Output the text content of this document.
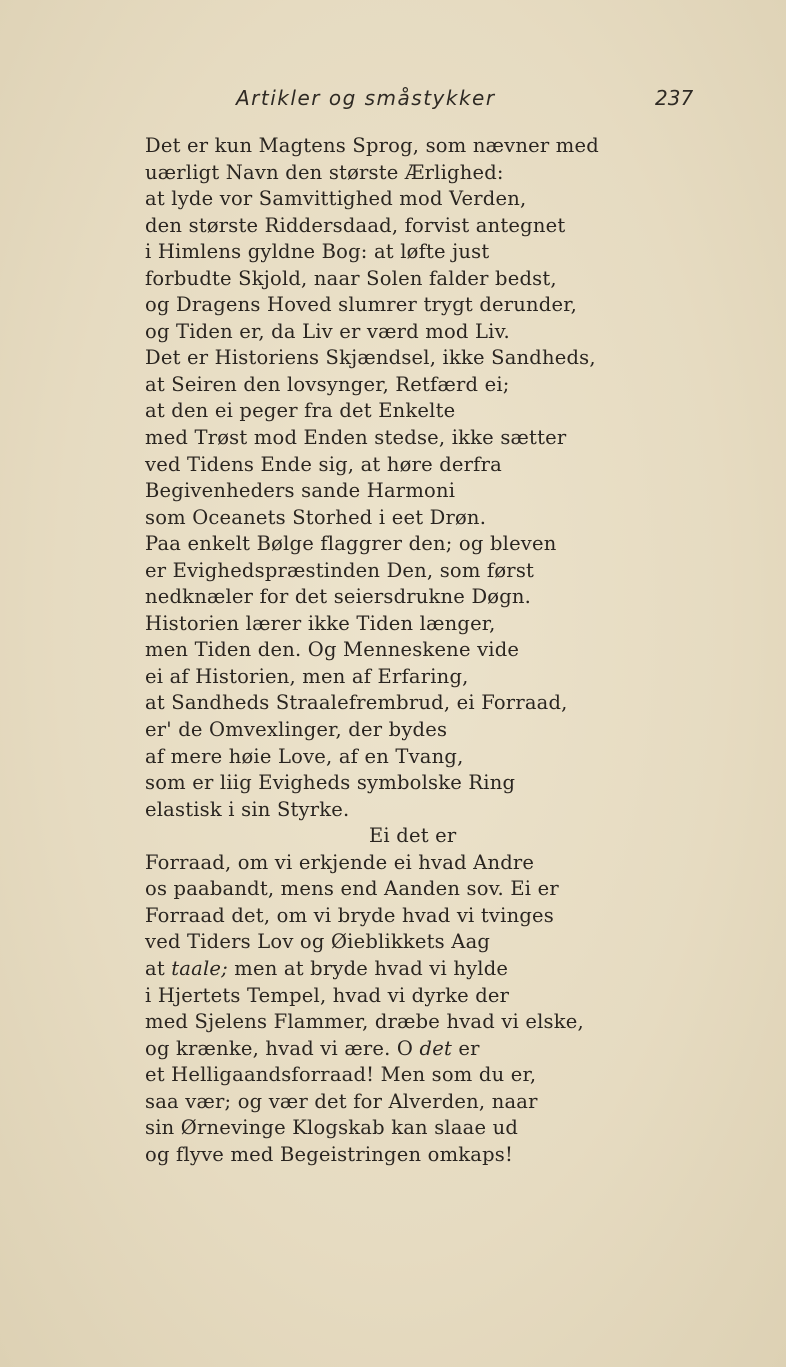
Artikler og småstykker	237
Det er kun Magtens Sprog, som nævner med
uærligt Navn den største Ærlighed:
at lyde vor Samvittighed mod Verden,
den største Riddersdaad, forvist antegnet
i Himlens gyldne Bog: at løfte just
forbudte Skjold, naar Solen falder bedst,
og Dragens Hoved slumrer trygt derunder,
og Tiden er, da Liv er værd mod Liv.
Det er Historiens Skjændsel, ikke Sandheds,
at Seiren den lovsynger, Retfærd ei;
at den ei peger fra det Enkelte
med Trøst mod Enden stedse, ikke sætter
ved Tidens Ende sig, at høre derfra
Begivenheders sande Harmoni
som Oceanets Storhed i eet Drøn.
Paa enkelt Bølge flaggrer den; og bleven
er Evighedspræstinden Den, som først
nedknæler for det seiersdrukne Døgn.
Historien lærer ikke Tiden længer,
men Tiden den. Og Menneskene vide
ei af Historien, men af Erfaring,
at Sandheds Straalefrembrud, ei Forraad,
er' de Omvexlinger, der bydes
af mere høie Love, af en Tvang,
som er liig Evigheds symbolske Ring
elastisk i sin Styrke.
Ei det er
Forraad, om vi erkjende ei hvad Andre
os paabandt, mens end Aanden sov. Ei er
Forraad det, om vi bryde hvad vi tvinges
ved Tiders Lov og Øieblikkets Aag
at taale; men at bryde hvad vi hylde
i Hjertets Tempel, hvad vi dyrke der
med Sjelens Flammer, dræbe hvad vi elske,
og krænke, hvad vi ære. O det er
et Helligaandsforraad! Men som du er,
saa vær; og vær det for Alverden, naar
sin Ørnevinge Klogskab kan slaae ud
og flyve med Begeistringen omkaps!
